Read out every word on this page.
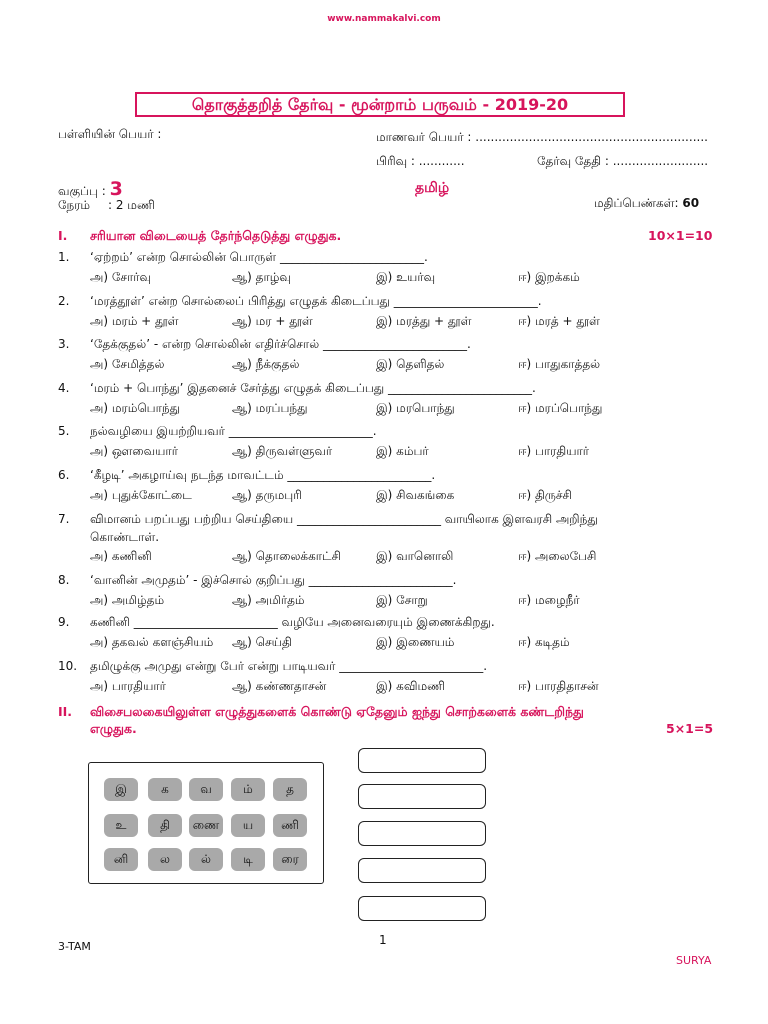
www.nammakalvi.com
தொகுத்தறித் தேர்வு - மூன்றாம் பருவம் - 2019-20
பள்ளியின் பெயர் :	மாணவர் பெயர் : .............................................................
பிரிவு : ............	தேர்வு தேதி : .........................
வகுப்பு : 3	தமிழ்
நேரம் : 2 மணி	மதிப்பெண்கள்: 60
I. சரியான விடையைத் தேர்ந்தெடுத்து எழுதுக.	10×1=10
1. ‘ஏற்றம்’ என்ற சொல்லின் பொருள் ________________________.
அ) சோர்வு	ஆ) தாழ்வு	இ) உயர்வு	ஈ) இறக்கம்
2. ‘மரத்தூள்’ என்ற சொல்லைப் பிரித்து எழுதக் கிடைப்பது ________________________.
அ) மரம் + தூள்	ஆ) மர + தூள்	இ) மரத்து + தூள்	ஈ) மரத் + தூள்
3. ‘தேக்குதல்’ - என்ற சொல்லின் எதிர்ச்சொல் ________________________.
அ) சேமித்தல்	ஆ) நீக்குதல்	இ) தெளிதல்	ஈ) பாதுகாத்தல்
4. ‘மரம் + பொந்து’ இதனைச் சேர்த்து எழுதக் கிடைப்பது ________________________.
அ) மரம்பொந்து	ஆ) மரப்பந்து	இ) மரபொந்து	ஈ) மரப்பொந்து
5. நல்வழியை இயற்றியவர் ________________________.
அ) ஔவையார்	ஆ) திருவள்ளுவர்	இ) கம்பர்	ஈ) பாரதியார்
6. ‘கீழடி’ அகழாய்வு நடந்த மாவட்டம் ________________________.
அ) புதுக்கோட்டை	ஆ) தருமபுரி	இ) சிவகங்கை	ஈ) திருச்சி
7. விமானம் பறப்பது பற்றிய செய்தியை ________________________ வாயிலாக இளவரசி அறிந்து
கொண்டாள்.
அ) கணினி	ஆ) தொலைக்காட்சி	இ) வானொலி	ஈ) அலைபேசி
8. ‘வானின் அமுதம்’ - இச்சொல் குறிப்பது ________________________.
அ) அமிழ்தம்	ஆ) அமிர்தம்	இ) சோறு	ஈ) மழைநீர்
9. கணினி ________________________ வழியே அனைவரையும் இணைக்கிறது.
அ) தகவல் களஞ்சியம் ஆ) செய்தி	இ) இணையம்	ஈ) கடிதம்
10. தமிழுக்கு அமுது என்று பேர் என்று பாடியவர் ________________________.
அ) பாரதியார்	ஆ) கண்ணதாசன்	இ) கவிமணி	ஈ) பாரதிதாசன்
II. விசைபலகையிலுள்ள எழுத்துகளைக் கொண்டு ஏதேனும் ஐந்து சொற்களைக் கண்டறிந்து
எழுதுக.	5×1=5
இ	க	வ	ம்	த
உ	தி	ணை	ய	ணி
னி	ல	ல்	டி	ரை
3-TAM	1
SURYA
